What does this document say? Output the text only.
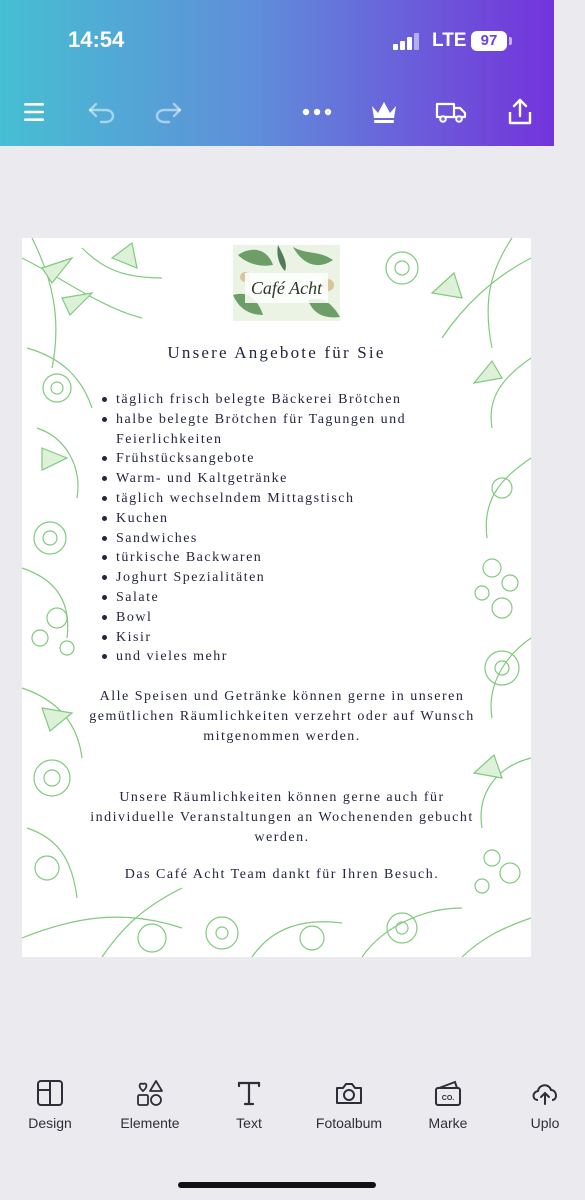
14:54	LTE 97
Café Acht
Unsere Angebote für Sie
täglich frisch belegte Bäckerei Brötchen
halbe belegte Brötchen für Tagungen und Feierlichkeiten
Frühstücksangebote
Warm- und Kaltgetränke
täglich wechselndem Mittagstisch
Kuchen
Sandwiches
türkische Backwaren
Joghurt Spezialitäten
Salate
Bowl
Kisir
und vieles mehr
Alle Speisen und Getränke können gerne in unseren gemütlichen Räumlichkeiten verzehrt oder auf Wunsch mitgenommen werden.
Unsere Räumlichkeiten können gerne auch für individuelle Veranstaltungen an Wochenenden gebucht werden.
Das Café Acht Team dankt für Ihren Besuch.
Design	Elemente	Text	Fotoalbum
CO.
Marke	Uplo
